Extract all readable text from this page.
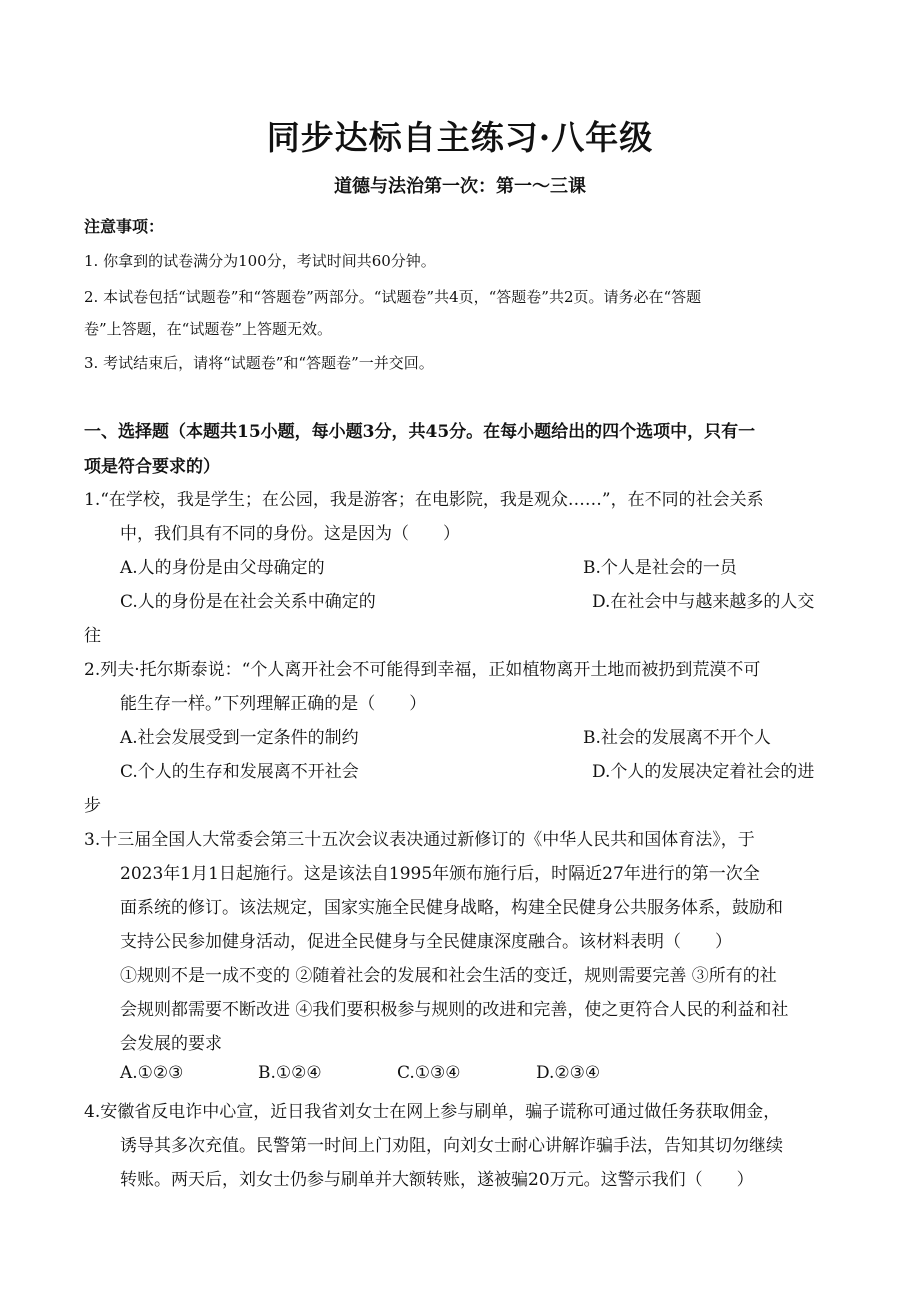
同步达标自主练习·八年级
道德与法治第一次：第一～三课
注意事项：
1. 你拿到的试卷满分为100分，考试时间共60分钟。
2. 本试卷包括“试题卷”和“答题卷”两部分。“试题卷”共4页，“答题卷”共2页。请务必在“答题
卷”上答题，在“试题卷”上答题无效。
3. 考试结束后，请将“试题卷”和“答题卷”一并交回。
一、选择题（本题共15小题，每小题3分，共45分。在每小题给出的四个选项中，只有一
项是符合要求的）
1.“在学校，我是学生；在公园，我是游客；在电影院，我是观众……”，在不同的社会关系
中，我们具有不同的身份。这是因为（　　）
A.人的身份是由父母确定的	B.个人是社会的一员
C.人的身份是在社会关系中确定的	D.在社会中与越来越多的人交
往
2.列夫·托尔斯泰说：“个人离开社会不可能得到幸福，正如植物离开土地而被扔到荒漠不可
能生存一样。”下列理解正确的是（　　）
A.社会发展受到一定条件的制约	B.社会的发展离不开个人
C.个人的生存和发展离不开社会	D.个人的发展决定着社会的进
步
3.十三届全国人大常委会第三十五次会议表决通过新修订的《中华人民共和国体育法》，于
2023年1月1日起施行。这是该法自1995年颁布施行后，时隔近27年进行的第一次全
面系统的修订。该法规定，国家实施全民健身战略，构建全民健身公共服务体系，鼓励和
支持公民参加健身活动，促进全民健身与全民健康深度融合。该材料表明（　　）
①规则不是一成不变的 ②随着社会的发展和社会生活的变迁，规则需要完善 ③所有的社
会规则都需要不断改进 ④我们要积极参与规则的改进和完善，使之更符合人民的利益和社
会发展的要求
A.①②③	B.①②④	C.①③④	D.②③④
4.安徽省反电诈中心宣，近日我省刘女士在网上参与刷单，骗子谎称可通过做任务获取佣金，
诱导其多次充值。民警第一时间上门劝阻，向刘女士耐心讲解诈骗手法，告知其切勿继续
转账。两天后，刘女士仍参与刷单并大额转账，遂被骗20万元。这警示我们（　　）
